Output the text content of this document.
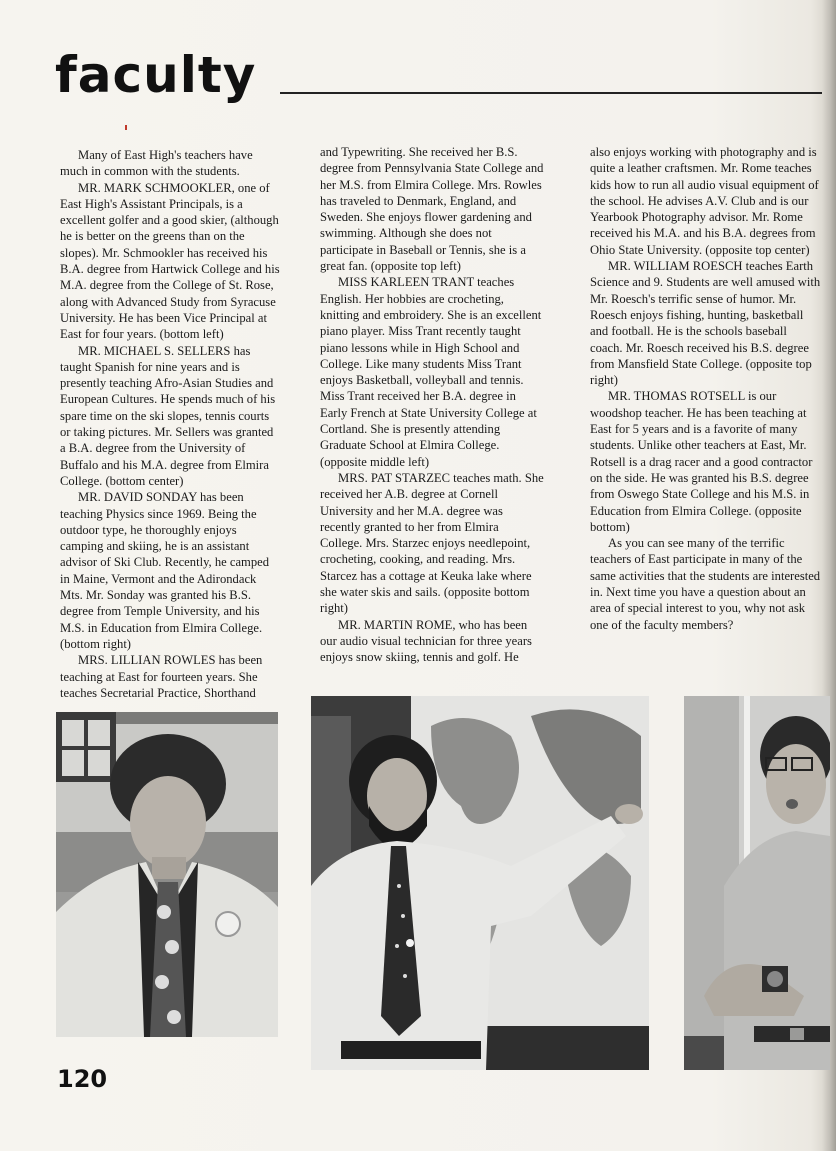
faculty

Many of East High's teachers have much in common with the students.

MR. MARK SCHMOOKLER, one of East High's Assistant Principals, is a excellent golfer and a good skier, (although he is better on the greens than on the slopes). Mr. Schmookler has received his B.A. degree from Hartwick College and his M.A. degree from the College of St. Rose, along with Advanced Study from Syracuse University. He has been Vice Principal at East for four years. (bottom left)

MR. MICHAEL S. SELLERS has taught Spanish for nine years and is presently teaching Afro-Asian Studies and European Cultures. He spends much of his spare time on the ski slopes, tennis courts or taking pictures. Mr. Sellers was granted a B.A. degree from the University of Buffalo and his M.A. degree from Elmira College. (bottom center)

MR. DAVID SONDAY has been teaching Physics since 1969. Being the outdoor type, he thoroughly enjoys camping and skiing, he is an assistant advisor of Ski Club. Recently, he camped in Maine, Vermont and the Adirondack Mts. Mr. Sonday was granted his B.S. degree from Temple University, and his M.S. in Education from Elmira College. (bottom right)

MRS. LILLIAN ROWLES has been teaching at East for fourteen years. She teaches Secretarial Practice, Shorthand

and Typewriting. She received her B.S. degree from Pennsylvania State College and her M.S. from Elmira College. Mrs. Rowles has traveled to Denmark, England, and Sweden. She enjoys flower gardening and swimming. Although she does not participate in Baseball or Tennis, she is a great fan. (opposite top left)

MISS KARLEEN TRANT teaches English. Her hobbies are crocheting, knitting and embroidery. She is an excellent piano player. Miss Trant recently taught piano lessons while in High School and College. Like many students Miss Trant enjoys Basketball, volleyball and tennis. Miss Trant received her B.A. degree in Early French at State University College at Cortland. She is presently attending Graduate School at Elmira College. (opposite middle left)

MRS. PAT STARZEC teaches math. She received her A.B. degree at Cornell University and her M.A. degree was recently granted to her from Elmira College. Mrs. Starzec enjoys needlepoint, crocheting, cooking, and reading. Mrs. Starcez has a cottage at Keuka lake where she water skis and sails. (opposite bottom right)

MR. MARTIN ROME, who has been our audio visual technician for three years enjoys snow skiing, tennis and golf. He

also enjoys working with photography and is quite a leather craftsmen. Mr. Rome teaches kids how to run all audio visual equipment of the school. He advises A.V. Club and is our Yearbook Photography advisor. Mr. Rome received his M.A. and his B.A. degrees from Ohio State University. (opposite top center)

MR. WILLIAM ROESCH teaches Earth Science and 9. Students are well amused with Mr. Roesch's terrific sense of humor. Mr. Roesch enjoys fishing, hunting, basketball and football. He is the schools baseball coach. Mr. Roesch received his B.S. degree from Mansfield State College. (opposite top right)

MR. THOMAS ROTSELL is our woodshop teacher. He has been teaching at East for 5 years and is a favorite of many students. Unlike other teachers at East, Mr. Rotsell is a drag racer and a good contractor on the side. He was granted his B.S. degree from Oswego State College and his M.S. in Education from Elmira College. (opposite bottom)

As you can see many of the terrific teachers of East participate in many of the same activities that the students are interested in. Next time you have a question about an area of special interest to you, why not ask one of the faculty members?

120
